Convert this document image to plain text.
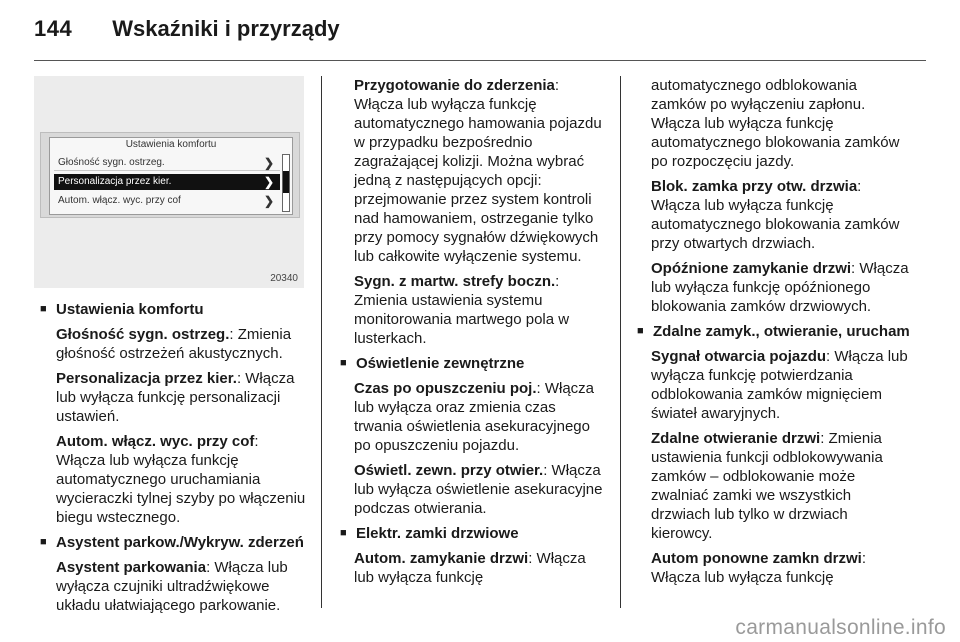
144 Wskaźniki i przyrządy
Ustawienia komfortu
Głośność sygn. ostrzeg.	❯
Personalizacja przez kier.	❯
Autom. włącz. wyc. przy cof	❯
20340
■ Ustawienia komfortu
Głośność sygn. ostrzeg.: Zmienia głośność ostrzeżeń akustycznych.
Personalizacja przez kier.: Włącza lub wyłącza funkcję personalizacji ustawień.
Autom. włącz. wyc. przy cof: Włącza lub wyłącza funkcję automatycznego uruchamiania wycieraczki tylnej szyby po włączeniu biegu wstecznego.
■ Asystent parkow./Wykryw. zderzeń
Asystent parkowania: Włącza lub wyłącza czujniki ultradźwiękowe układu ułatwiającego parkowanie.
Przygotowanie do zderzenia: Włącza lub wyłącza funkcję automatycznego hamowania pojazdu w przypadku bezpośrednio zagrażającej kolizji. Można wybrać jedną z następujących opcji: przejmowanie przez system kontroli nad hamowaniem, ostrzeganie tylko przy pomocy sygnałów dźwiękowych lub całkowite wyłączenie systemu.
Sygn. z martw. strefy boczn.: Zmienia ustawienia systemu monitorowania martwego pola w lusterkach.
■ Oświetlenie zewnętrzne
Czas po opuszczeniu poj.: Włącza lub wyłącza oraz zmienia czas trwania oświetlenia asekuracyjnego po opuszczeniu pojazdu.
Oświetl. zewn. przy otwier.: Włącza lub wyłącza oświetlenie asekuracyjne podczas otwierania.
■ Elektr. zamki drzwiowe
Autom. zamykanie drzwi: Włącza lub wyłącza funkcję
automatycznego odblokowania zamków po wyłączeniu zapłonu. Włącza lub wyłącza funkcję automatycznego blokowania zamków po rozpoczęciu jazdy.
Blok. zamka przy otw. drzwia: Włącza lub wyłącza funkcję automatycznego blokowania zamków przy otwartych drzwiach.
Opóźnione zamykanie drzwi: Włącza lub wyłącza funkcję opóźnionego blokowania zamków drzwiowych.
■ Zdalne zamyk., otwieranie, urucham
Sygnał otwarcia pojazdu: Włącza lub wyłącza funkcję potwierdzania odblokowania zamków mignięciem świateł awaryjnych.
Zdalne otwieranie drzwi: Zmienia ustawienia funkcji odblokowywania zamków – odblokowanie może zwalniać zamki we wszystkich drzwiach lub tylko w drzwiach kierowcy.
Autom ponowne zamkn drzwi: Włącza lub wyłącza funkcję
carmanualsonline.info
